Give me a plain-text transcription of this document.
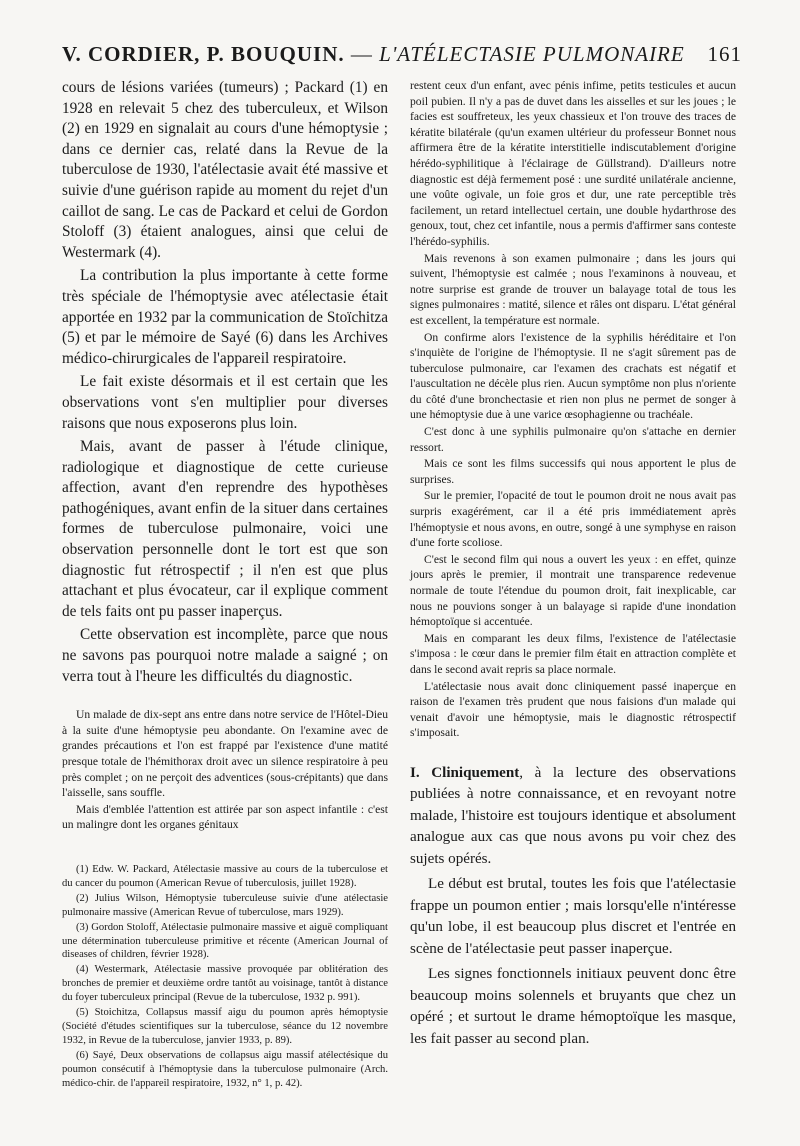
V. CORDIER, P. BOUQUIN. — L'ATÉLECTASIE PULMONAIRE 161

cours de lésions variées (tumeurs) ; Packard (1) en 1928 en relevait 5 chez des tuberculeux, et Wilson (2) en 1929 en signalait au cours d'une hémoptysie ; dans ce dernier cas, relaté dans la Revue de la tuberculose de 1930, l'atélectasie avait été massive et suivie d'une guérison rapide au moment du rejet d'un caillot de sang. Le cas de Packard et celui de Gordon Stoloff (3) étaient analogues, ainsi que celui de Westermark (4).

La contribution la plus importante à cette forme très spéciale de l'hémoptysie avec atélectasie était apportée en 1932 par la communication de Stoïchitza (5) et par le mémoire de Sayé (6) dans les Archives médico-chirurgicales de l'appareil respiratoire.

Le fait existe désormais et il est certain que les observations vont s'en multiplier pour diverses raisons que nous exposerons plus loin.

Mais, avant de passer à l'étude clinique, radiologique et diagnostique de cette curieuse affection, avant d'en reprendre des hypothèses pathogéniques, avant enfin de la situer dans certaines formes de tuberculose pulmonaire, voici une observation personnelle dont le tort est que son diagnostic fut rétrospectif ; il n'en est que plus attachant et plus évocateur, car il explique comment de tels faits ont pu passer inaperçus.

Cette observation est incomplète, parce que nous ne savons pas pourquoi notre malade a saigné ; on verra tout à l'heure les difficultés du diagnostic.

Un malade de dix-sept ans entre dans notre service de l'Hôtel-Dieu à la suite d'une hémoptysie peu abondante. On l'examine avec de grandes précautions et l'on est frappé par l'existence d'une matité presque totale de l'hémithorax droit avec un silence respiratoire à peu près complet ; on ne perçoit des adventices (sous-crépitants) que dans l'aisselle, sans souffle.

Mais d'emblée l'attention est attirée par son aspect infantile : c'est un malingre dont les organes génitaux

(1) Edw. W. Packard, Atélectasie massive au cours de la tuberculose et du cancer du poumon (American Revue of tuberculosis, juillet 1928).

(2) Julius Wilson, Hémoptysie tuberculeuse suivie d'une atélectasie pulmonaire massive (American Revue of tuberculose, mars 1929).

(3) Gordon Stoloff, Atélectasie pulmonaire massive et aiguë compliquant une détermination tuberculeuse primitive et récente (American Journal of diseases of children, février 1928).

(4) Westermark, Atélectasie massive provoquée par oblitération des bronches de premier et deuxième ordre tantôt au voisinage, tantôt à distance du foyer tuberculeux principal (Revue de la tuberculose, 1932 p. 991).

(5) Stoichitza, Collapsus massif aigu du poumon après hémoptysie (Société d'études scientifiques sur la tuberculose, séance du 12 novembre 1932, in Revue de la tuberculose, janvier 1933, p. 89).

(6) Sayé, Deux observations de collapsus aigu massif atélectésique du poumon consécutif à l'hémoptysie dans la tuberculose pulmonaire (Arch. médico-chir. de l'appareil respiratoire, 1932, n° 1, p. 42).

restent ceux d'un enfant, avec pénis infime, petits testicules et aucun poil pubien. Il n'y a pas de duvet dans les aisselles et sur les joues ; le facies est souffreteux, les yeux chassieux et l'on trouve des traces de kératite bilatérale (qu'un examen ultérieur du professeur Bonnet nous affirmera être de la kératite interstitielle indiscutablement d'origine hérédo-syphilitique à l'éclairage de Güllstrand). D'ailleurs notre diagnostic est déjà fermement posé : une surdité unilatérale ancienne, une voûte ogivale, un foie gros et dur, une rate perceptible très facilement, un retard intellectuel certain, une double hydarthrose des genoux, tout, chez cet infantile, nous a permis d'affirmer sans conteste l'hérédo-syphilis.

Mais revenons à son examen pulmonaire ; dans les jours qui suivent, l'hémoptysie est calmée ; nous l'examinons à nouveau, et notre surprise est grande de trouver un balayage total de tous les signes pulmonaires : matité, silence et râles ont disparu. L'état général est excellent, la température est normale.

On confirme alors l'existence de la syphilis héréditaire et l'on s'inquiète de l'origine de l'hémoptysie. Il ne s'agit sûrement pas de tuberculose pulmonaire, car l'examen des crachats est négatif et l'auscultation ne décèle plus rien. Aucun symptôme non plus n'oriente du côté d'une bronchectasie et rien non plus ne permet de songer à une hémoptysie due à une varice œsophagienne ou trachéale.

C'est donc à une syphilis pulmonaire qu'on s'attache en dernier ressort.

Mais ce sont les films successifs qui nous apportent le plus de surprises.

Sur le premier, l'opacité de tout le poumon droit ne nous avait pas surpris exagérément, car il a été pris immédiatement après l'hémoptysie et nous avons, en outre, songé à une symphyse en raison d'une forte scoliose.

C'est le second film qui nous a ouvert les yeux : en effet, quinze jours après le premier, il montrait une transparence redevenue normale de toute l'étendue du poumon droit, fait inexplicable, car nous ne pouvions songer à un balayage si rapide d'une inondation hémoptoïque si accentuée.

Mais en comparant les deux films, l'existence de l'atélectasie s'imposa : le cœur dans le premier film était en attraction complète et dans le second avait repris sa place normale.

L'atélectasie nous avait donc cliniquement passé inaperçue en raison de l'examen très prudent que nous faisions d'un malade qui venait d'avoir une hémoptysie, mais le diagnostic rétrospectif s'imposait.

I. Cliniquement, à la lecture des observations publiées à notre connaissance, et en revoyant notre malade, l'histoire est toujours identique et absolument analogue aux cas que nous avons pu voir chez des sujets opérés.

Le début est brutal, toutes les fois que l'atélectasie frappe un poumon entier ; mais lorsqu'elle n'intéresse qu'un lobe, il est beaucoup plus discret et l'entrée en scène de l'atélectasie peut passer inaperçue.

Les signes fonctionnels initiaux peuvent donc être beaucoup moins solennels et bruyants que chez un opéré ; et surtout le drame hémoptoïque les masque, les fait passer au second plan.
